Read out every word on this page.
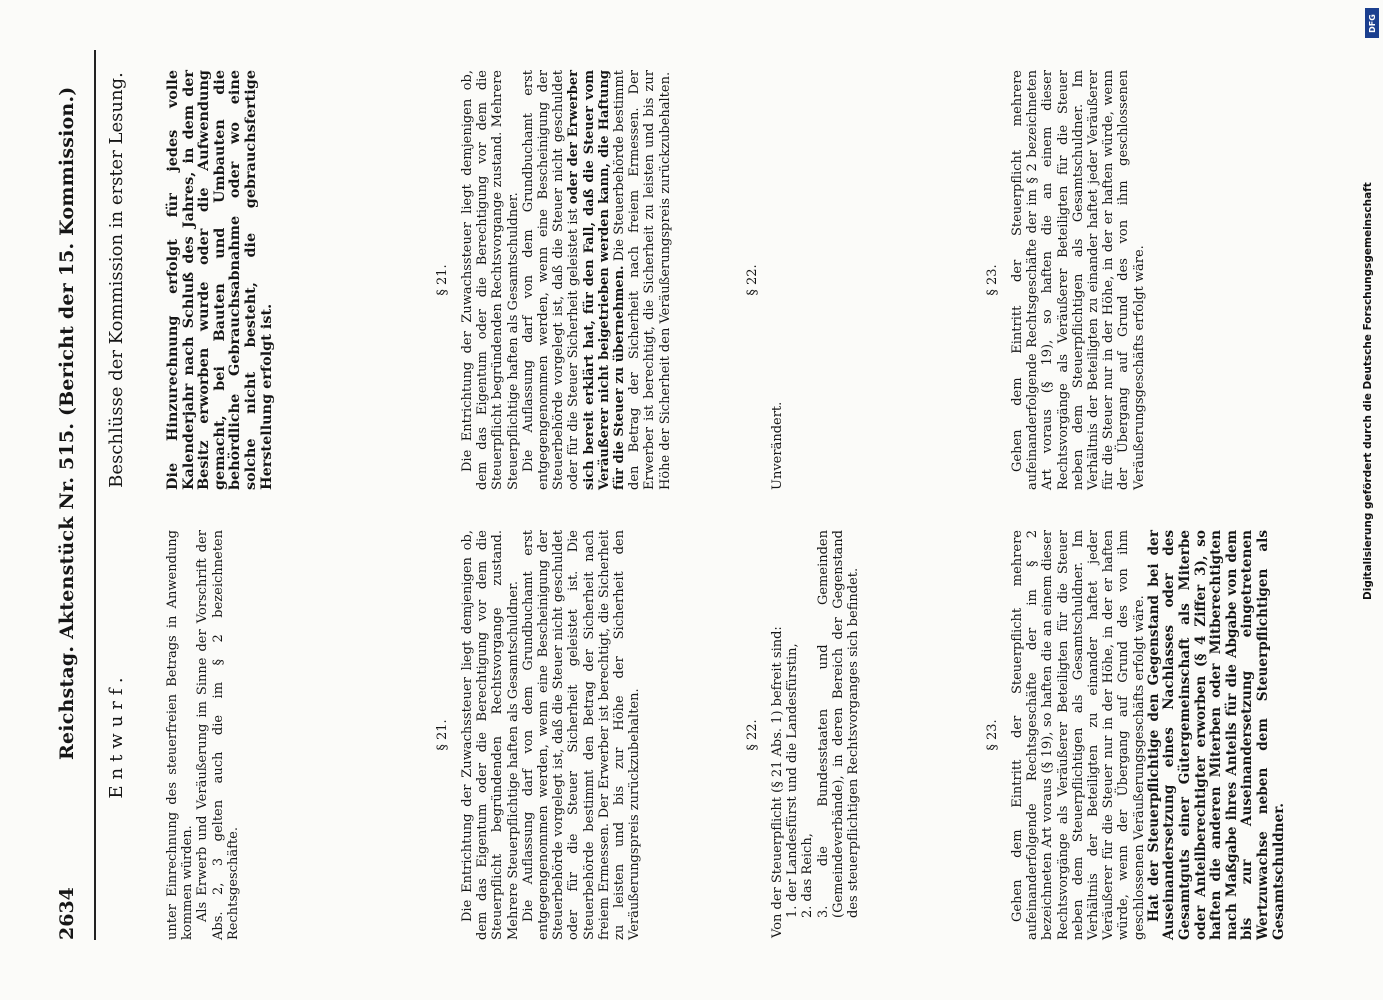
2634
Reichstag. Aktenstück Nr. 515. (Bericht der 15. Kommission.) Entwurf.	unter Einrechnung des steuerfreien Betrags in Anwendung kommen würden. Als Erwerb und Veräußerung im Sinne der Vorschrift der Abs. 2, 3 gelten auch die im § 2 bezeichneten Rechtsgeschäfte.

§ 21. Die Entrichtung der Zuwachssteuer liegt demjenigen ob, dem das Eigentum oder die Berechtigung vor dem die Steuerpflicht begründenden Rechtsvorgange zustand. Mehrere Steuerpflichtige haften als Gesamtschuldner. Die Auflassung darf von dem Grundbuchamt erst entgegengenommen werden, wenn eine Bescheinigung der Steuerbehörde vorgelegt ist, daß die Steuer nicht geschuldet oder für die Steuer Sicherheit geleistet ist. Die Steuerbehörde bestimmt den Betrag der Sicherheit nach freiem Ermessen. Der Erwerber ist berechtigt, die Sicherheit zu leisten und bis zur Höhe der Sicherheit den Veräußerungspreis zurückzubehalten.	§ 22. Von der Steuerpflicht (§ 21 Abs. 1) befreit sind: 1. der Landesfürst und die Landesfürstin, 2. das Reich, 3. die Bundesstaaten und Gemeinden (Gemeindeverbände), in deren Bereich der Gegenstand des steuerpflichtigen Rechtsvorganges sich befindet.	§ 23. Gehen dem Eintritt der Steuerpflicht mehrere aufeinanderfolgende Rechtsgeschäfte der im § 2 bezeichneten Art voraus (§ 19), so haften die an einem dieser Rechtsvorgänge als Veräußerer Beteiligten für die Steuer neben dem Steuerpflichtigen als Gesamtschuldner. Im Verhältnis der Beteiligten zu einander haftet jeder Veräußerer für die Steuer nur in der Höhe, in der er haften würde, wenn der Übergang auf Grund des von ihm geschlossenen Veräußerungsgeschäfts erfolgt wäre. Hat der Steuerpflichtige den Gegenstand bei der Auseinandersetzung eines Nachlasses oder des Gesamtguts einer Gütergemeinschaft als Miterbe oder Anteilberechtigter erworben (§ 4 Ziffer 3), so haften die anderen Miterben oder Mitberechtigten nach Maßgabe ihres Anteils für die Abgabe von dem bis zur Auseinandersetzung eingetretenen Wertzuwachse neben dem Steuerpflichtigen als Gesamtschuldner.

Beschlüsse der Kommission in erster Lesung.	Die Hinzurechnung erfolgt für jedes volle Kalenderjahr nach Schluß des Jahres, in dem der Besitz erworben wurde oder die Aufwendung gemacht, bei Bauten und Umbauten die behördliche Gebrauchsabnahme oder wo eine solche nicht besteht, die gebrauchsfertige Herstellung erfolgt ist.
§ 21. Die Entrichtung der Zuwachssteuer liegt demjenigen ob, dem das Eigentum oder die Berechtigung vor dem die Steuerpflicht begründenden Rechtsvorgange zustand. Mehrere Steuerpflichtige haften als Gesamtschuldner. Die Auflassung darf von dem Grundbuchamt erst entgegengenommen werden, wenn eine Bescheinigung der Steuerbehörde vorgelegt ist, daß die Steuer nicht geschuldet oder für die Steuer Sicherheit geleistet ist oder der Erwerber sich bereit erklärt hat, für den Fall, daß die Steuer vom Veräußerer nicht beigetrieben werden kann, die Haftung für die Steuer zu übernehmen. Die Steuerbehörde bestimmt den Betrag der Sicherheit nach freiem Ermessen. Der Erwerber ist berechtigt, die Sicherheit zu leisten und bis zur Höhe der Sicherheit den Veräußerungspreis zurückzubehalten.	§ 22.
Unverändert.
§ 23. Gehen dem Eintritt der Steuerpflicht mehrere aufeinanderfolgende Rechtsgeschäfte der im § 2 bezeichneten Art voraus (§ 19), so haften die an einem dieser Rechtsvorgänge als Veräußerer Beteiligten für die Steuer neben dem Steuerpflichtigen als Gesamtschuldner. Im Verhältnis der Beteiligten zu einander haftet jeder Veräußerer für die Steuer nur in der Höhe, in der er haften würde, wenn der Übergang auf Grund des von ihm geschlossenen Veräußerungsgeschäfts erfolgt wäre.

DFG
Digitalisierung gefördert durch die Deutsche Forschungsgemeinschaft
